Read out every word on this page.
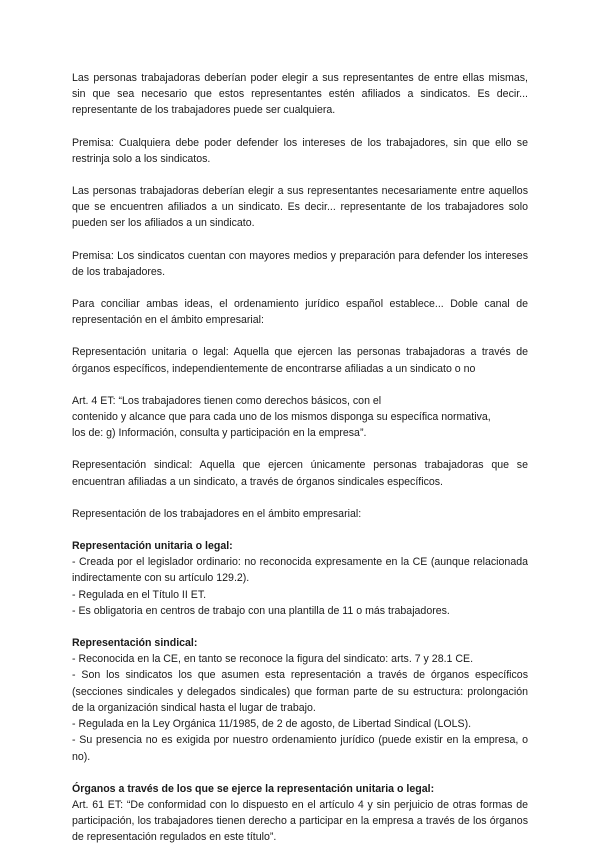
Las personas trabajadoras deberían poder elegir a sus representantes de entre ellas mismas, sin que sea necesario que estos representantes estén afiliados a sindicatos. Es decir... representante de los trabajadores puede ser cualquiera.

Premisa: Cualquiera debe poder defender los intereses de los trabajadores, sin que ello se restrinja solo a los sindicatos.

Las personas trabajadoras deberían elegir a sus representantes necesariamente entre aquellos que se encuentren afiliados a un sindicato. Es decir... representante de los trabajadores solo pueden ser los afiliados a un sindicato.

Premisa: Los sindicatos cuentan con mayores medios y preparación para defender los intereses de los trabajadores.

Para conciliar ambas ideas, el ordenamiento jurídico español establece... Doble canal de representación en el ámbito empresarial:

Representación unitaria o legal: Aquella que ejercen las personas trabajadoras a través de órganos específicos, independientemente de encontrarse afiliadas a un sindicato o no

Art. 4 ET: “Los trabajadores tienen como derechos básicos, con el
contenido y alcance que para cada uno de los mismos disponga su específica normativa,
los de: g) Información, consulta y participación en la empresa”.

Representación sindical: Aquella que ejercen únicamente personas trabajadoras que se encuentran afiliadas a un sindicato, a través de órganos sindicales específicos.

Representación de los trabajadores en el ámbito empresarial:

Representación unitaria o legal:
- Creada por el legislador ordinario: no reconocida expresamente en la CE (aunque relacionada indirectamente con su artículo 129.2).
- Regulada en el Título II ET.
- Es obligatoria en centros de trabajo con una plantilla de 11 o más trabajadores.
Representación sindical:
- Reconocida en la CE, en tanto se reconoce la figura del sindicato: arts. 7 y 28.1 CE.
- Son los sindicatos los que asumen esta representación a través de órganos específicos (secciones sindicales y delegados sindicales) que forman parte de su estructura: prolongación de la organización sindical hasta el lugar de trabajo.
- Regulada en la Ley Orgánica 11/1985, de 2 de agosto, de Libertad Sindical (LOLS).
- Su presencia no es exigida por nuestro ordenamiento jurídico (puede existir en la empresa, o no).
Órganos a través de los que se ejerce la representación unitaria o legal:
Art. 61 ET: “De conformidad con lo dispuesto en el artículo 4 y sin perjuicio de otras formas de participación, los trabajadores tienen derecho a participar en la empresa a través de los órganos de representación regulados en este título”.
